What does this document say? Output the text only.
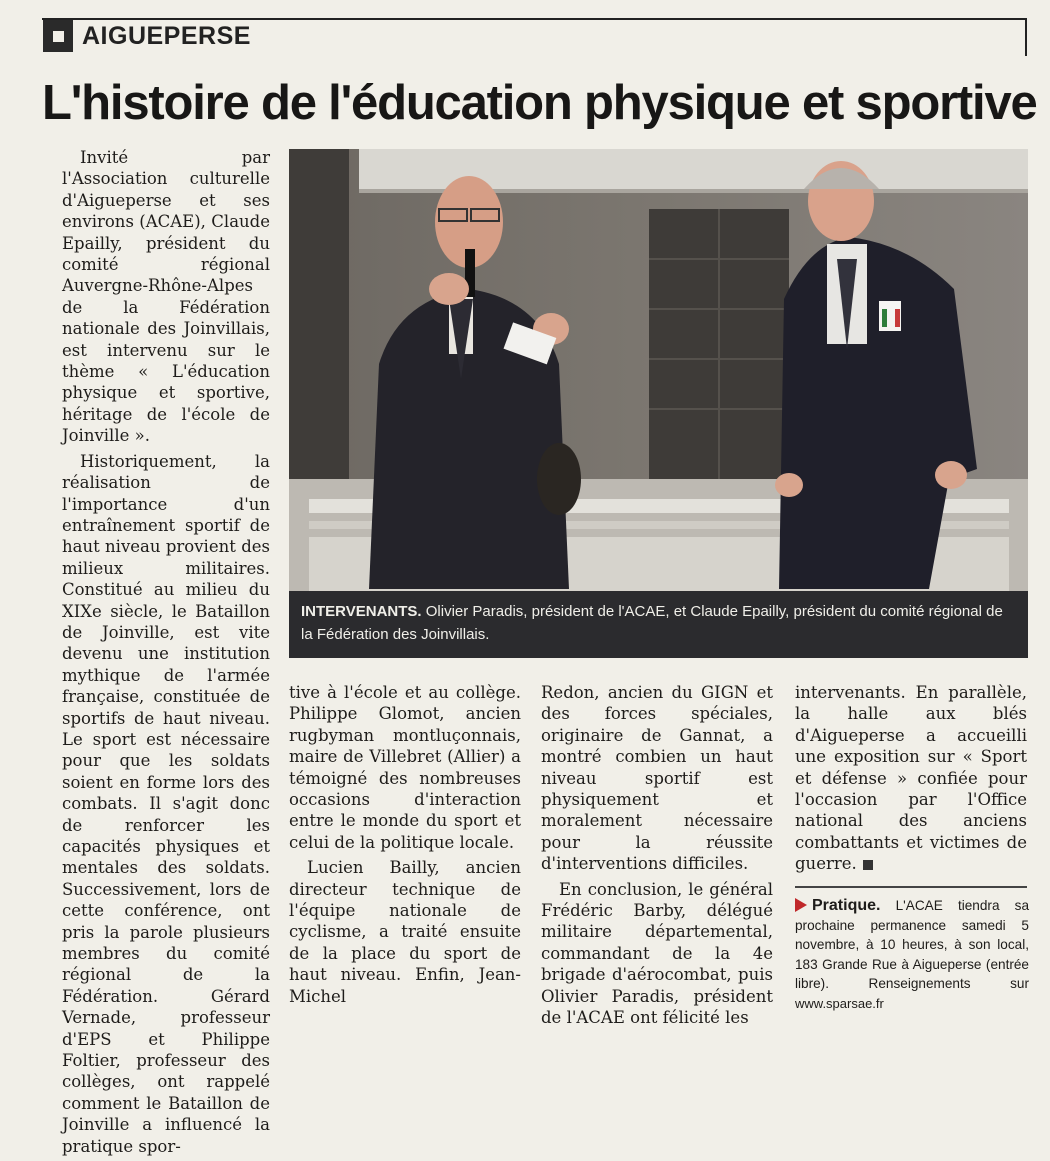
AIGUEPERSE
L'histoire de l'éducation physique et sportive

Invité par l'Association culturelle d'Aigueperse et ses environs (ACAE), Claude Epailly, président du comité régional Auvergne-Rhône-Alpes de la Fédération nationale des Joinvillais, est intervenu sur le thème « L'éducation physique et sportive, héritage de l'école de Joinville ».

Historiquement, la réalisation de l'importance d'un entraînement sportif de haut niveau provient des milieux militaires. Constitué au milieu du XIXe siècle, le Bataillon de Joinville, est vite devenu une institution mythique de l'armée française, constituée de sportifs de haut niveau. Le sport est nécessaire pour que les soldats soient en forme lors des combats. Il s'agit donc de renforcer les capacités physiques et mentales des soldats. Successivement, lors de cette conférence, ont pris la parole plusieurs membres du comité régional de la Fédération. Gérard Vernade, professeur d'EPS et Philippe Foltier, professeur des collèges, ont rappelé comment le Bataillon de Joinville a influencé la pratique spor-

INTERVENANTS. Olivier Paradis, président de l'ACAE, et Claude Epailly, président du comité régional de la Fédération des Joinvillais.

tive à l'école et au collège. Philippe Glomot, ancien rugbyman montluçonnais, maire de Villebret (Allier) a témoigné des nombreuses occasions d'interaction entre le monde du sport et celui de la politique locale.

Lucien Bailly, ancien directeur technique de l'équipe nationale de cyclisme, a traité ensuite de la place du sport de haut niveau. Enfin, Jean-Michel

Redon, ancien du GIGN et des forces spéciales, originaire de Gannat, a montré combien un haut niveau sportif est physiquement et moralement nécessaire pour la réussite d'interventions difficiles.

En conclusion, le général Frédéric Barby, délégué militaire départemental, commandant de la 4e brigade d'aérocombat, puis Olivier Paradis, président de l'ACAE ont félicité les

intervenants. En parallèle, la halle aux blés d'Aigueperse a accueilli une exposition sur « Sport et défense » confiée pour l'occasion par l'Office national des anciens combattants et victimes de guerre.

Pratique. L'ACAE tiendra sa prochaine permanence samedi 5 novembre, à 10 heures, à son local, 183 Grande Rue à Aigueperse (entrée libre). Renseignements sur www.sparsae.fr
